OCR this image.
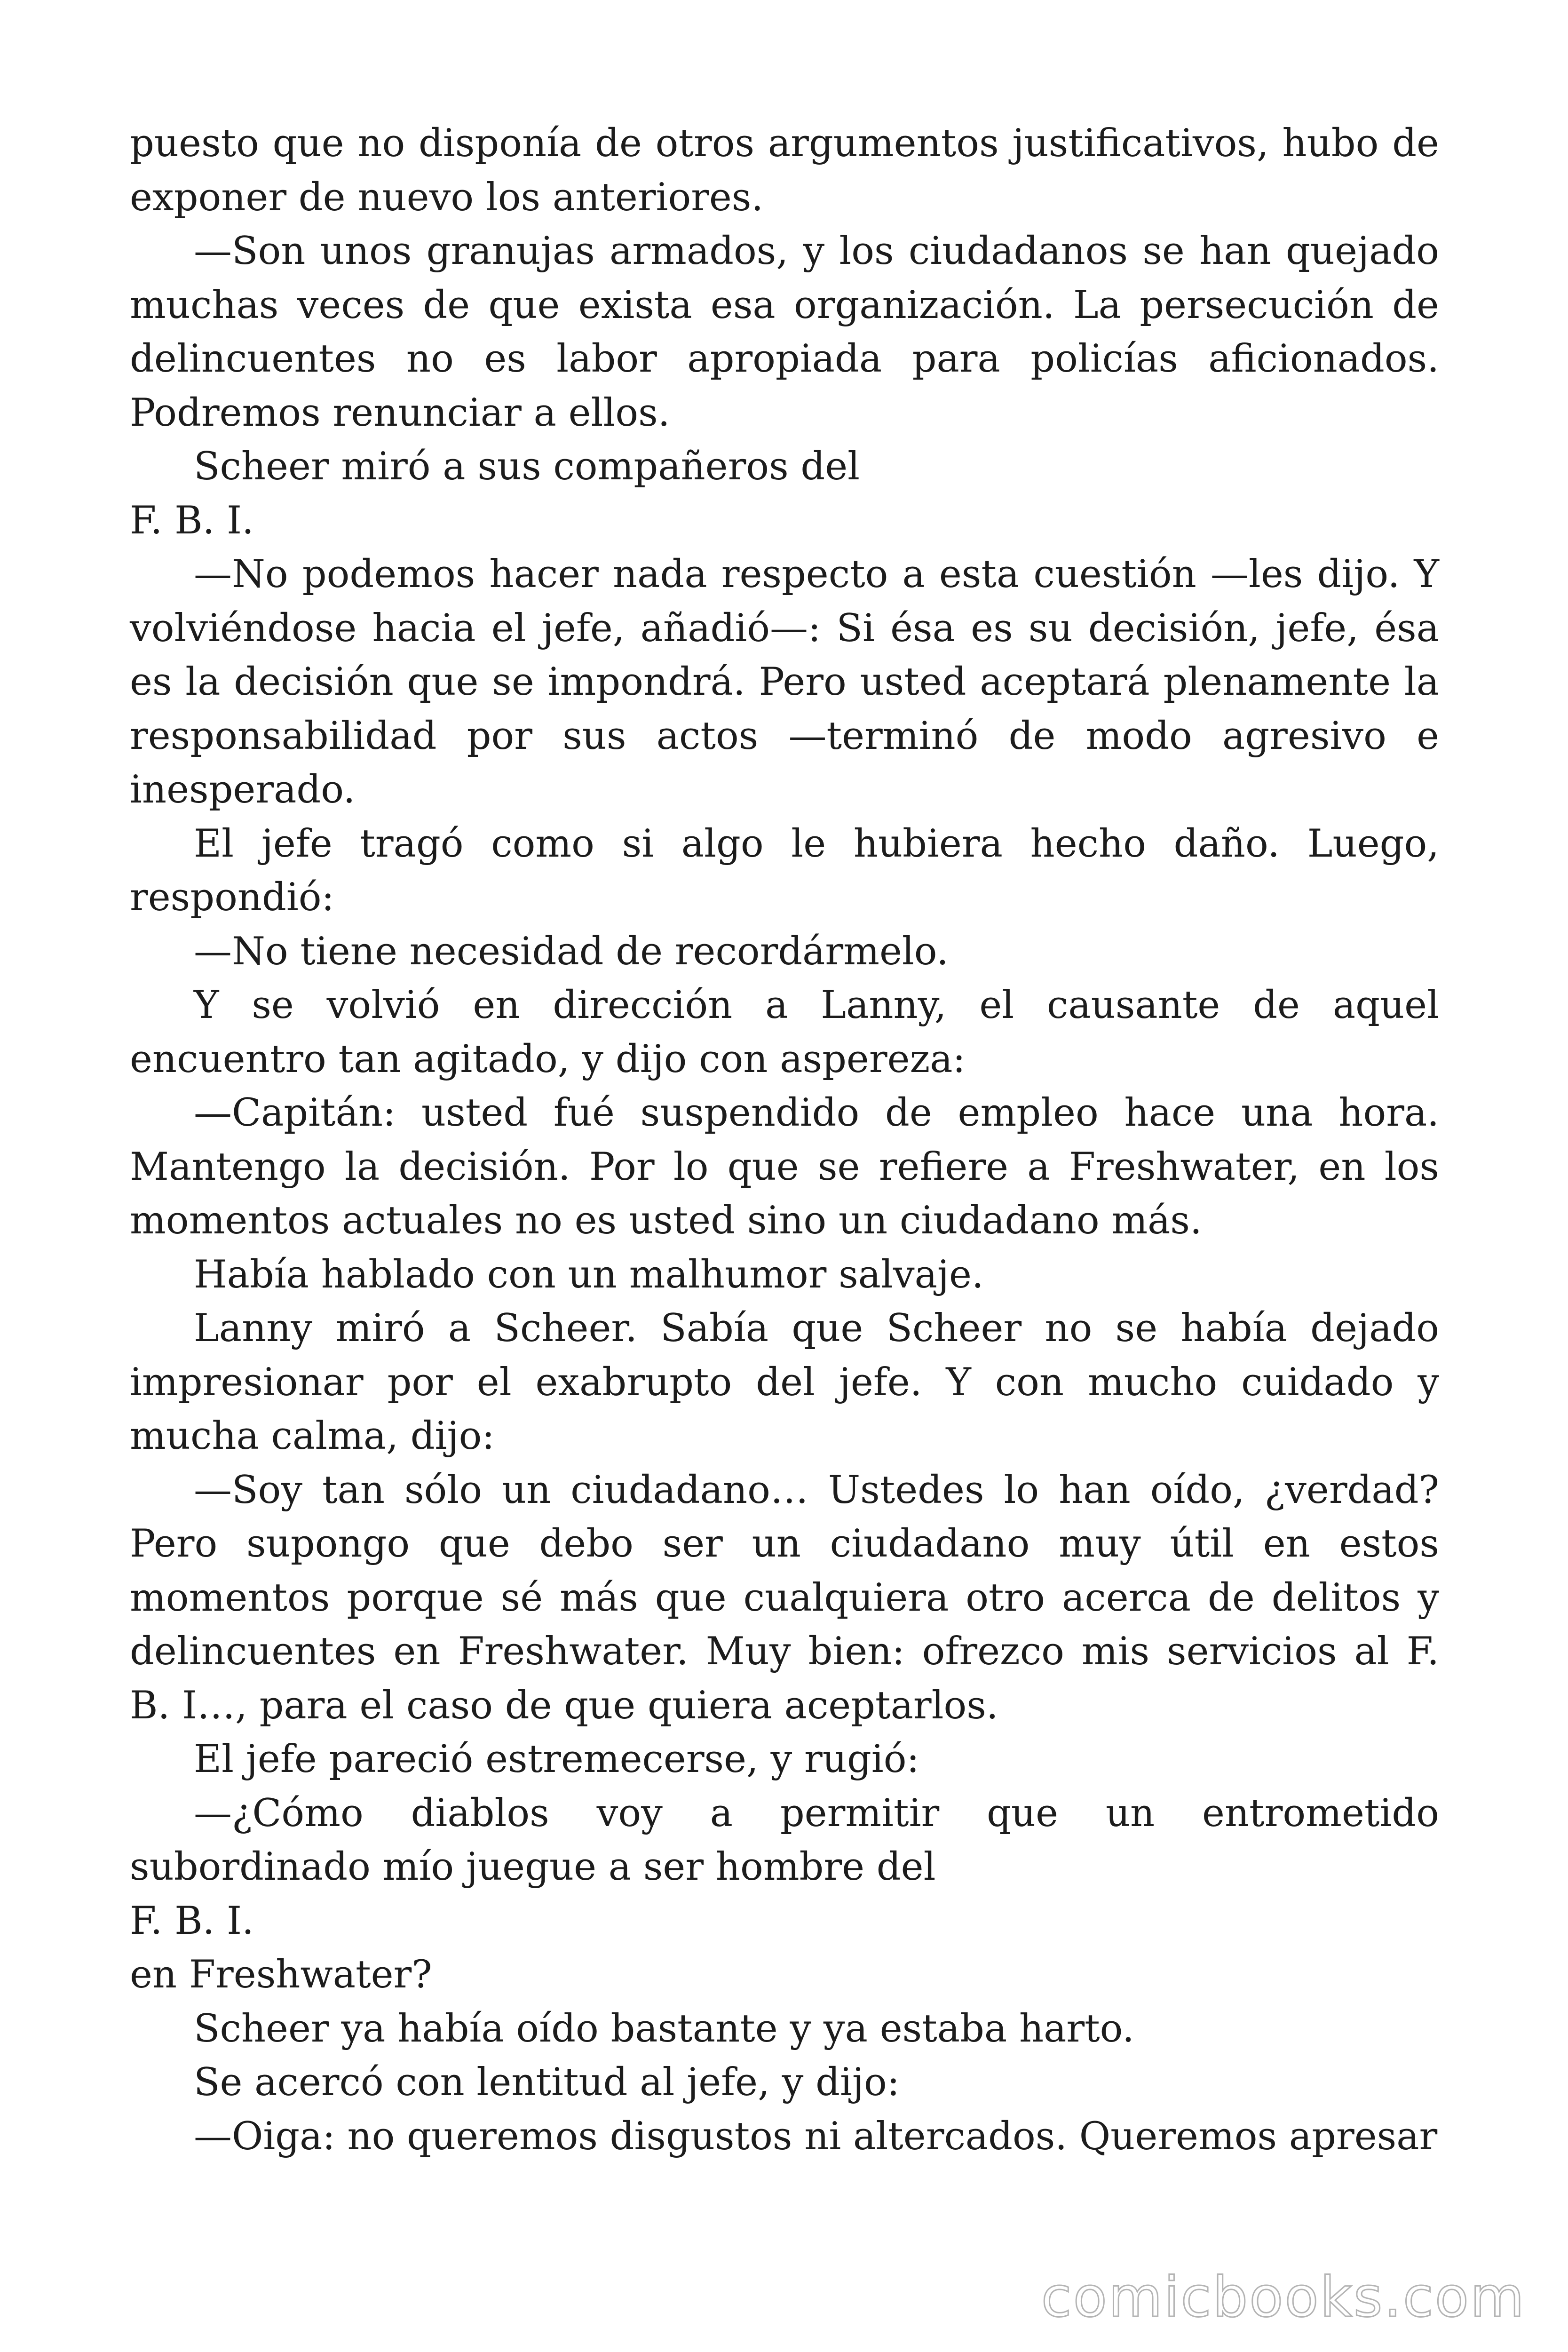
puesto que no disponía de otros argumentos justificativos, hubo de exponer de nuevo los anteriores.

—Son unos granujas armados, y los ciudadanos se han quejado muchas veces de que exista esa organización. La persecución de delincuentes no es labor apropiada para policías aficionados. Podremos renunciar a ellos.

Scheer miró a sus compañeros del

F. B. I.

—No podemos hacer nada respecto a esta cuestión —les dijo. Y volviéndose hacia el jefe, añadió—: Si ésa es su decisión, jefe, ésa es la decisión que se impondrá. Pero usted aceptará plenamente la responsabilidad por sus actos —terminó de modo agresivo e inesperado.

El jefe tragó como si algo le hubiera hecho daño. Luego, respondió:

—No tiene necesidad de recordármelo.

Y se volvió en dirección a Lanny, el causante de aquel encuentro tan agitado, y dijo con aspereza:

—Capitán: usted fué suspendido de empleo hace una hora. Mantengo la decisión. Por lo que se refiere a Freshwater, en los momentos actuales no es usted sino un ciudadano más.

Había hablado con un malhumor salvaje.

Lanny miró a Scheer. Sabía que Scheer no se había dejado impresionar por el exabrupto del jefe. Y con mucho cuidado y mucha calma, dijo:

—Soy tan sólo un ciudadano… Ustedes lo han oído, ¿verdad? Pero supongo que debo ser un ciudadano muy útil en estos momentos porque sé más que cualquiera otro acerca de delitos y delincuentes en Freshwater. Muy bien: ofrezco mis servicios al F. B. I…, para el caso de que quiera aceptarlos.

El jefe pareció estremecerse, y rugió:

—¿Cómo diablos voy a permitir que un entrometido subordinado mío juegue a ser hombre del

F. B. I.

en Freshwater?

Scheer ya había oído bastante y ya estaba harto.

Se acercó con lentitud al jefe, y dijo:

—Oiga: no queremos disgustos ni altercados. Queremos apresar

comicbooks.com
